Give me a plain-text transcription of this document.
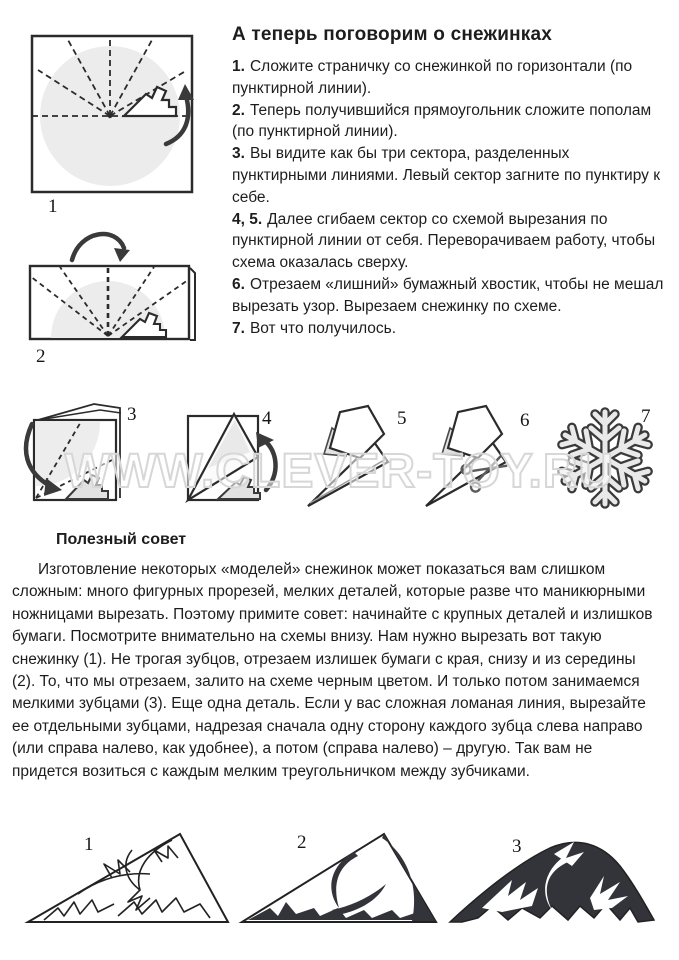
А теперь поговорим о снежинках

1. Сложите страничку со снежинкой по горизонтали (по пунктирной линии).

2. Теперь получившийся прямоугольник сложите пополам (по пунктирной линии).

3. Вы видите как бы три сектора, разделенных пунктирными линиями. Левый сектор загните по пунктиру к себе.

4, 5. Далее сгибаем сектор со схемой вырезания по пунктирной линии от себя. Переворачиваем работу, чтобы схема оказалась сверху.

6. Отрезаем «лишний» бумажный хвостик, чтобы не мешал вырезать узор. Вырезаем снежинку по схеме.

7. Вот что получилось.

1
2
3	4	5	6	7
WWW.CLEVER-TOY.RU
Полезный совет
Изготовление некоторых «моделей» снежинок может показаться вам слишком сложным: много фигурных прорезей, мелких деталей, которые разве что маникюрными ножницами вырезать. Поэтому примите совет: начинайте с крупных деталей и излишков бумаги. Посмотрите внимательно на схемы внизу. Нам нужно вырезать вот такую снежинку (1). Не трогая зубцов, отрезаем излишек бумаги с края, снизу и из середины (2). То, что мы отрезаем, залито на схеме черным цветом. И только потом занимаемся мелкими зубцами (3). Еще одна деталь. Если у вас сложная ломаная линия, вырезайте ее отдельными зубцами, надрезая сначала одну сторону каждого зубца слева направо (или справа налево, как удобнее), а потом (справа налево) – другую. Так вам не придется возиться с каждым мелким треугольничком между зубчиками.
1	2	3
